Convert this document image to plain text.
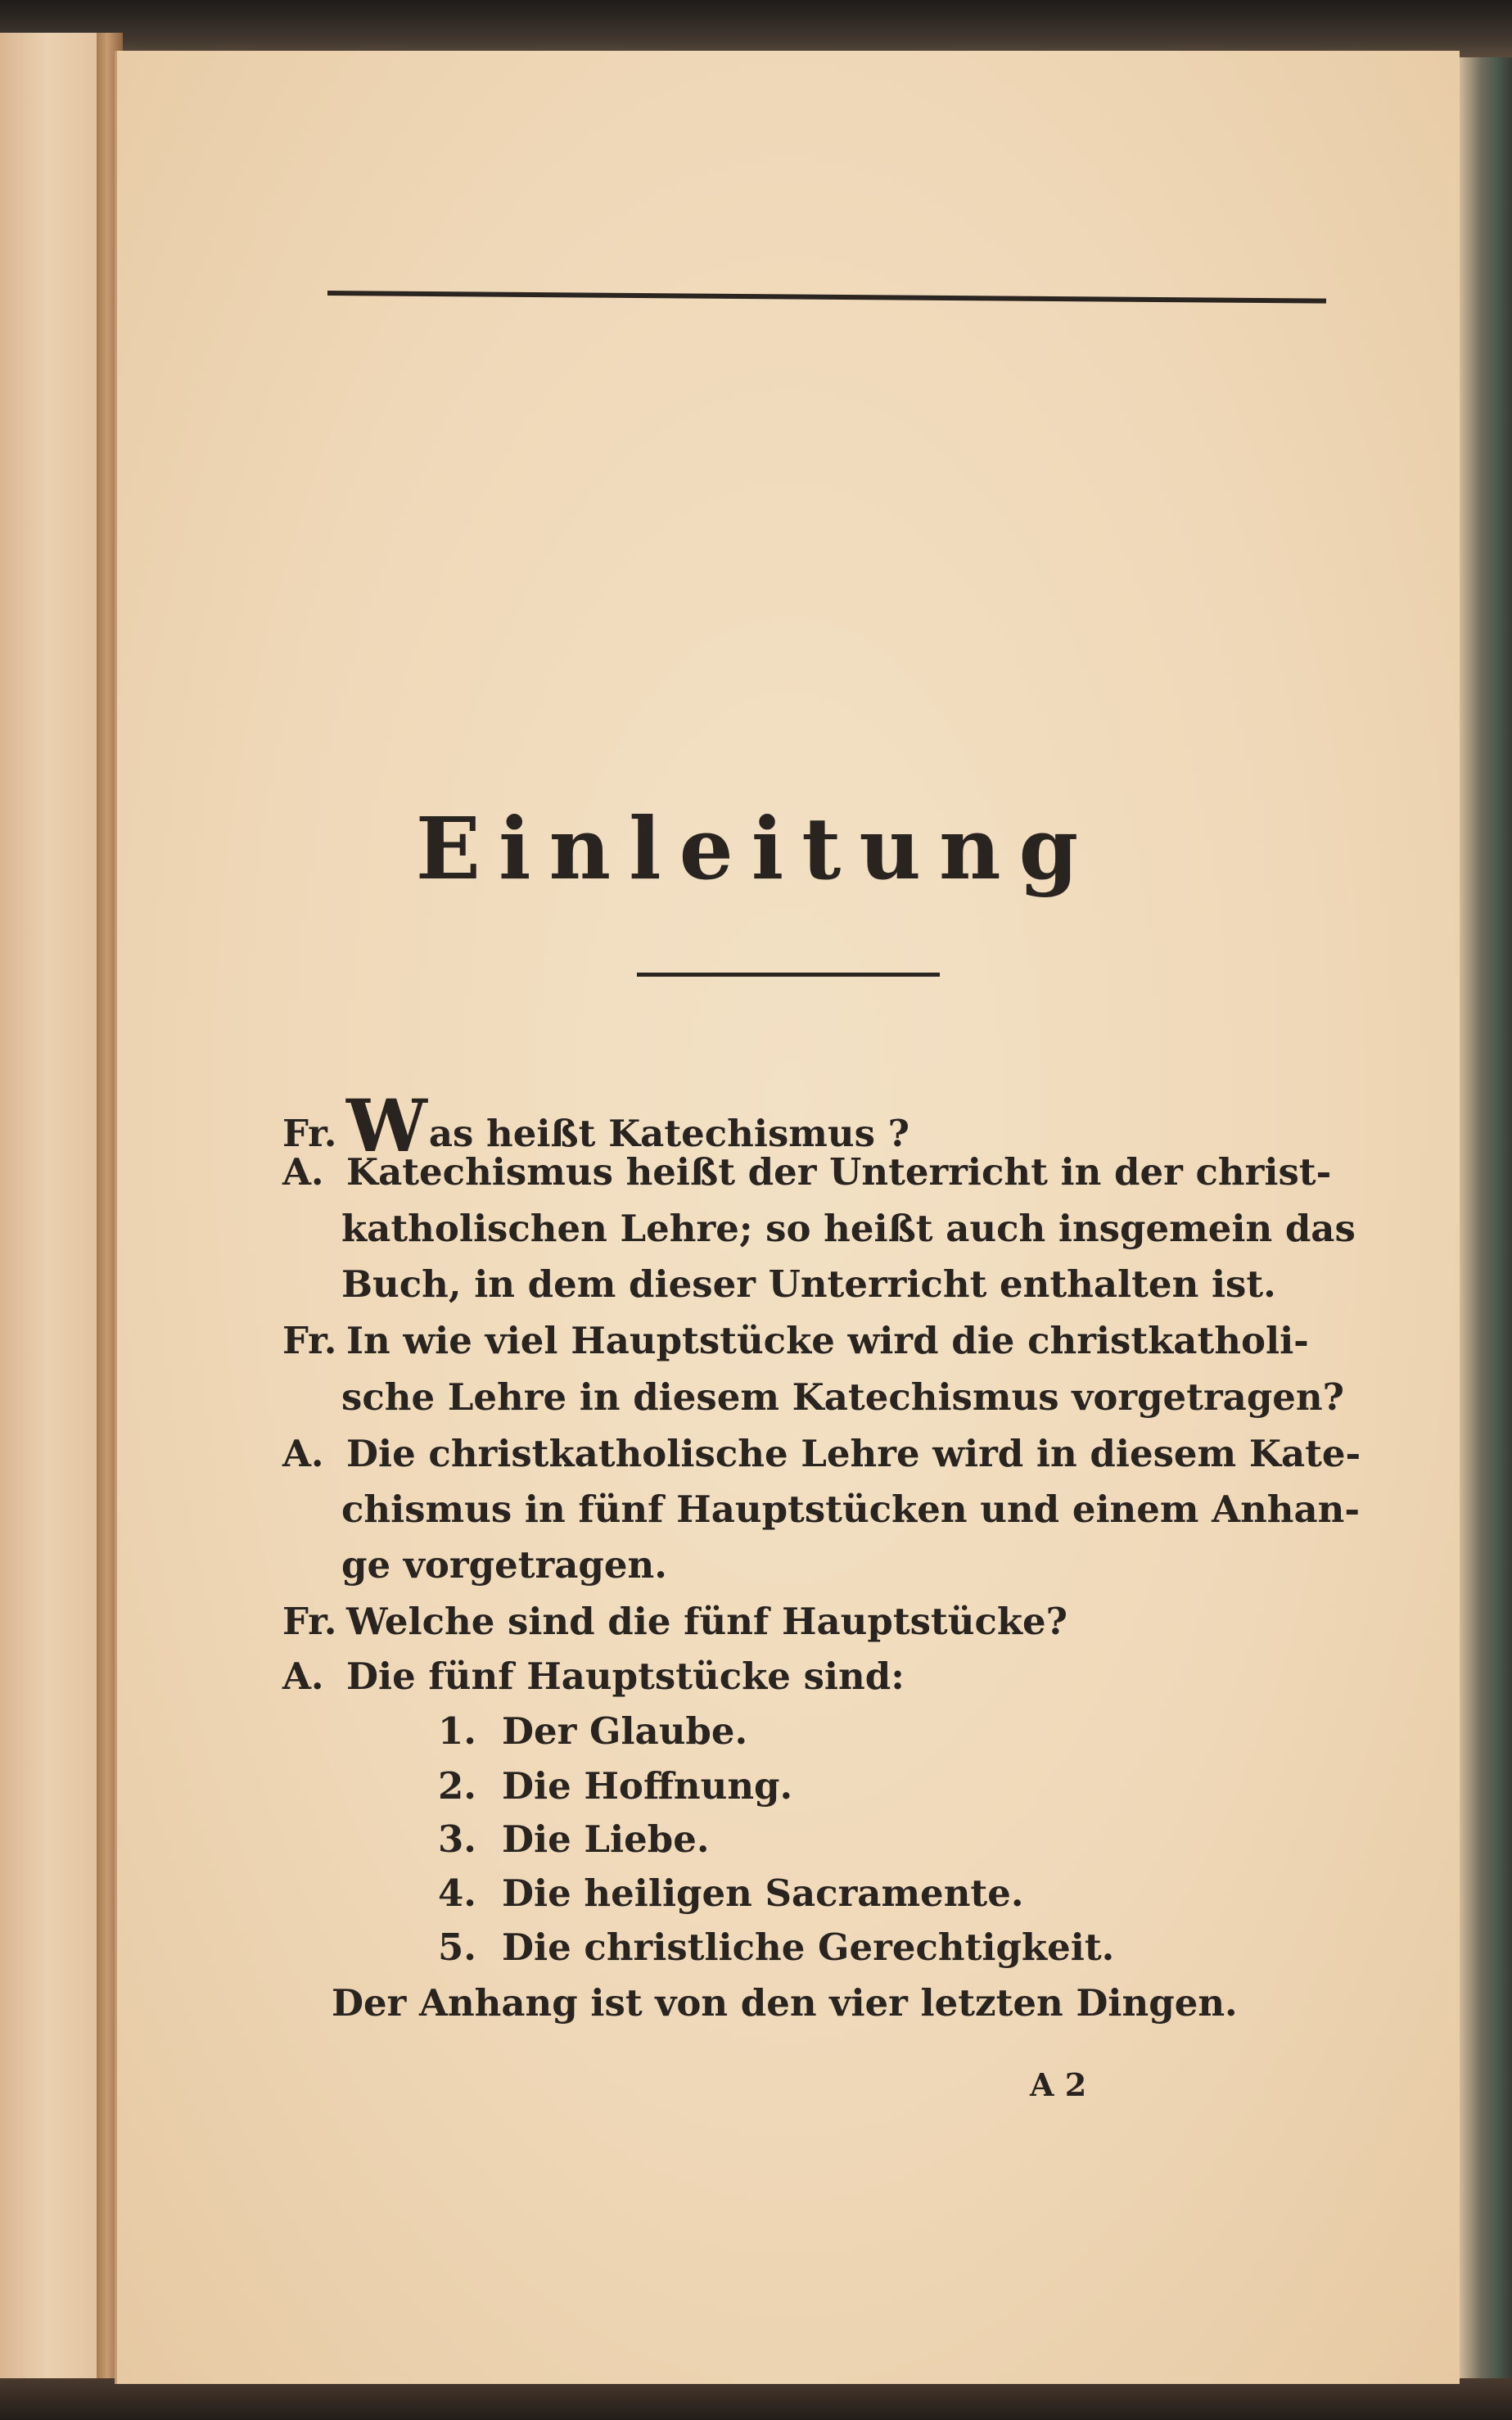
Einleitung
Fr. Was heißt Katechismus ?
A. Katechismus heißt der Unterricht in der christ-
katholischen Lehre; so heißt auch insgemein das
Buch, in dem dieser Unterricht enthalten ist.
Fr. In wie viel Hauptstücke wird die christkatholi-
sche Lehre in diesem Katechismus vorgetragen?
A. Die christkatholische Lehre wird in diesem Kate-
chismus in fünf Hauptstücken und einem Anhan-
ge vorgetragen.
Fr. Welche sind die fünf Hauptstücke?
A. Die fünf Hauptstücke sind:
1. Der Glaube.
2. Die Hoffnung.
3. Die Liebe.
4. Die heiligen Sacramente.
5. Die christliche Gerechtigkeit.
Der Anhang ist von den vier letzten Dingen.
A 2
